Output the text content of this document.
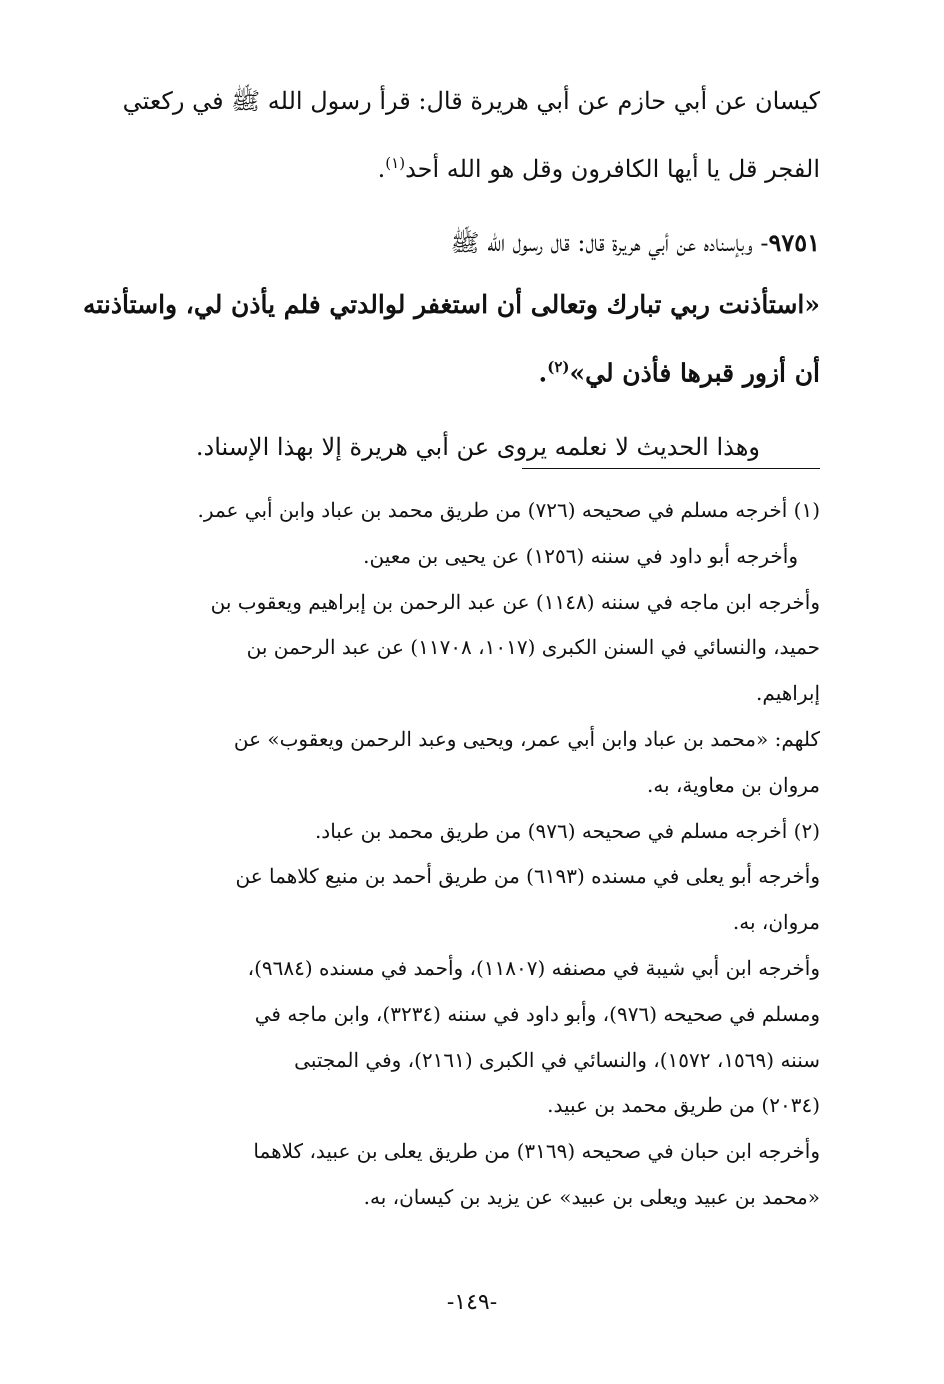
كيسان عن أبي حازم عن أبي هريرة قال: قرأ رسول الله ﷺ في ركعتي
الفجر قل يا أيها الكافرون وقل هو الله أحد$^{(١)}$.
٩٧٥١- وبإسناده عن أبي هريرة قال: قال رسول الله ﷺ
«استأذنت ربي تبارك وتعالى أن استغفر لوالدتي فلم يأذن لي، واستأذنته
أن أزور قبرها فأذن لي»$^{(٢)}$.
وهذا الحديث لا نعلمه يروى عن أبي هريرة إلا بهذا الإسناد.
(١) أخرجه مسلم في صحيحه (٧٢٦) من طريق محمد بن عباد وابن أبي عمر.
وأخرجه أبو داود في سننه (١٢٥٦) عن يحيى بن معين.
وأخرجه ابن ماجه في سننه (١١٤٨) عن عبد الرحمن بن إبراهيم ويعقوب بن
حميد، والنسائي في السنن الكبرى (١٠١٧، ١١٧٠٨) عن عبد الرحمن بن
إبراهيم.
كلهم: «محمد بن عباد وابن أبي عمر، ويحيى وعبد الرحمن ويعقوب» عن
مروان بن معاوية، به.
(٢) أخرجه مسلم في صحيحه (٩٧٦) من طريق محمد بن عباد.
وأخرجه أبو يعلى في مسنده (٦١٩٣) من طريق أحمد بن منيع كلاهما عن
مروان، به.
وأخرجه ابن أبي شيبة في مصنفه (١١٨٠٧)، وأحمد في مسنده (٩٦٨٤)،
ومسلم في صحيحه (٩٧٦)، وأبو داود في سننه (٣٢٣٤)، وابن ماجه في
سننه (١٥٦٩، ١٥٧٢)، والنسائي في الكبرى (٢١٦١)، وفي المجتبى
(٢٠٣٤) من طريق محمد بن عبيد.
وأخرجه ابن حبان في صحيحه (٣١٦٩) من طريق يعلى بن عبيد، كلاهما
«محمد بن عبيد ويعلى بن عبيد» عن يزيد بن كيسان، به.
-١٤٩-
